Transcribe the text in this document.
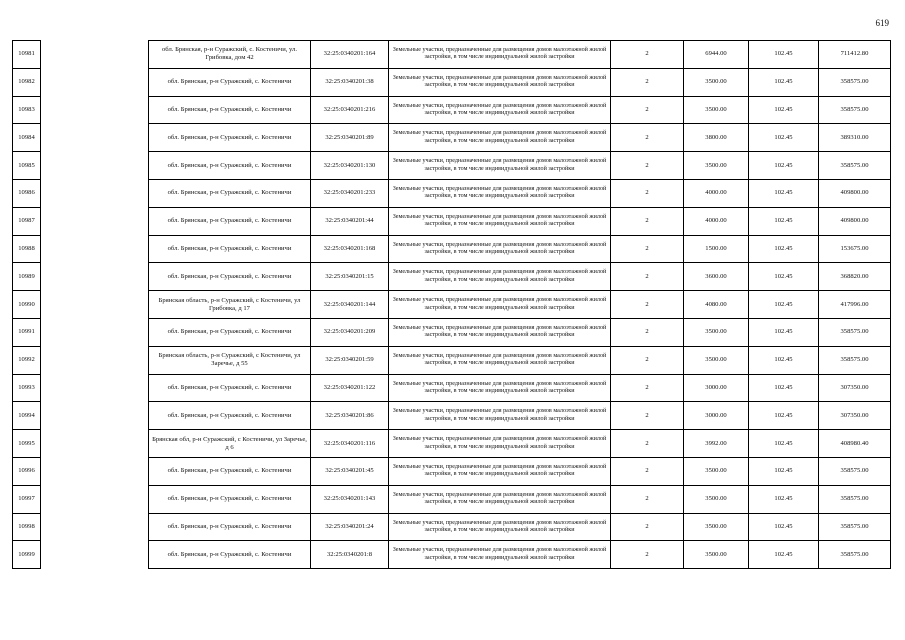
619
10981		обл. Брянская, р-н Суражский, с. Костеничи, ул. Грибовка, дом 42	32:25:0340201:164	Земельные участки, предназначенные для размещения домов малоэтажной жилой застройки, в том числе индивидуальной жилой застройки	2	6944.00	102.45	711412.80
10982		обл. Брянская, р-н Суражский, с. Костеничи	32:25:0340201:38	Земельные участки, предназначенные для размещения домов малоэтажной жилой застройки, в том числе индивидуальной жилой застройки	2	3500.00	102.45	358575.00
10983		обл. Брянская, р-н Суражский, с. Костеничи	32:25:0340201:216	Земельные участки, предназначенные для размещения домов малоэтажной жилой застройки, в том числе индивидуальной жилой застройки	2	3500.00	102.45	358575.00
10984		обл. Брянская, р-н Суражский, с. Костеничи	32:25:0340201:89	Земельные участки, предназначенные для размещения домов малоэтажной жилой застройки, в том числе индивидуальной жилой застройки	2	3800.00	102.45	389310.00
10985		обл. Брянская, р-н Суражский, с. Костеничи	32:25:0340201:130	Земельные участки, предназначенные для размещения домов малоэтажной жилой застройки, в том числе индивидуальной жилой застройки	2	3500.00	102.45	358575.00
10986		обл. Брянская, р-н Суражский, с. Костеничи	32:25:0340201:233	Земельные участки, предназначенные для размещения домов малоэтажной жилой застройки, в том числе индивидуальной жилой застройки	2	4000.00	102.45	409800.00
10987		обл. Брянская, р-н Суражский, с. Костеничи	32:25:0340201:44	Земельные участки, предназначенные для размещения домов малоэтажной жилой застройки, в том числе индивидуальной жилой застройки	2	4000.00	102.45	409800.00
10988		обл. Брянская, р-н Суражский, с. Костеничи	32:25:0340201:168	Земельные участки, предназначенные для размещения домов малоэтажной жилой застройки, в том числе индивидуальной жилой застройки	2	1500.00	102.45	153675.00
10989		обл. Брянская, р-н Суражский, с. Костеничи	32:25:0340201:15	Земельные участки, предназначенные для размещения домов малоэтажной жилой застройки, в том числе индивидуальной жилой застройки	2	3600.00	102.45	368820.00
10990		Брянская область, р-н Суражский, с Костеничи, ул Грибовка, д 17	32:25:0340201:144	Земельные участки, предназначенные для размещения домов малоэтажной жилой застройки, в том числе индивидуальной жилой застройки	2	4080.00	102.45	417996.00
10991		обл. Брянская, р-н Суражский, с. Костеничи	32:25:0340201:209	Земельные участки, предназначенные для размещения домов малоэтажной жилой застройки, в том числе индивидуальной жилой застройки	2	3500.00	102.45	358575.00
10992		Брянская область, р-н Суражский, с Костеничи, ул Заречье, д 55	32:25:0340201:59	Земельные участки, предназначенные для размещения домов малоэтажной жилой застройки, в том числе индивидуальной жилой застройки	2	3500.00	102.45	358575.00
10993		обл. Брянская, р-н Суражский, с. Костеничи	32:25:0340201:122	Земельные участки, предназначенные для размещения домов малоэтажной жилой застройки, в том числе индивидуальной жилой застройки	2	3000.00	102.45	307350.00
10994		обл. Брянская, р-н Суражский, с. Костеничи	32:25:0340201:86	Земельные участки, предназначенные для размещения домов малоэтажной жилой застройки, в том числе индивидуальной жилой застройки	2	3000.00	102.45	307350.00
10995		Брянская обл, р-н Суражский, с Костеничи, ул Заречье, д 6	32:25:0340201:116	Земельные участки, предназначенные для размещения домов малоэтажной жилой застройки, в том числе индивидуальной жилой застройки	2	3992.00	102.45	408980.40
10996		обл. Брянская, р-н Суражский, с. Костеничи	32:25:0340201:45	Земельные участки, предназначенные для размещения домов малоэтажной жилой застройки, в том числе индивидуальной жилой застройки	2	3500.00	102.45	358575.00
10997		обл. Брянская, р-н Суражский, с. Костеничи	32:25:0340201:143	Земельные участки, предназначенные для размещения домов малоэтажной жилой застройки, в том числе индивидуальной жилой застройки	2	3500.00	102.45	358575.00
10998		обл. Брянская, р-н Суражский, с. Костеничи	32:25:0340201:24	Земельные участки, предназначенные для размещения домов малоэтажной жилой застройки, в том числе индивидуальной жилой застройки	2	3500.00	102.45	358575.00
10999		обл. Брянская, р-н Суражский, с. Костеничи	32:25:0340201:8	Земельные участки, предназначенные для размещения домов малоэтажной жилой застройки, в том числе индивидуальной жилой застройки	2	3500.00	102.45	358575.00
